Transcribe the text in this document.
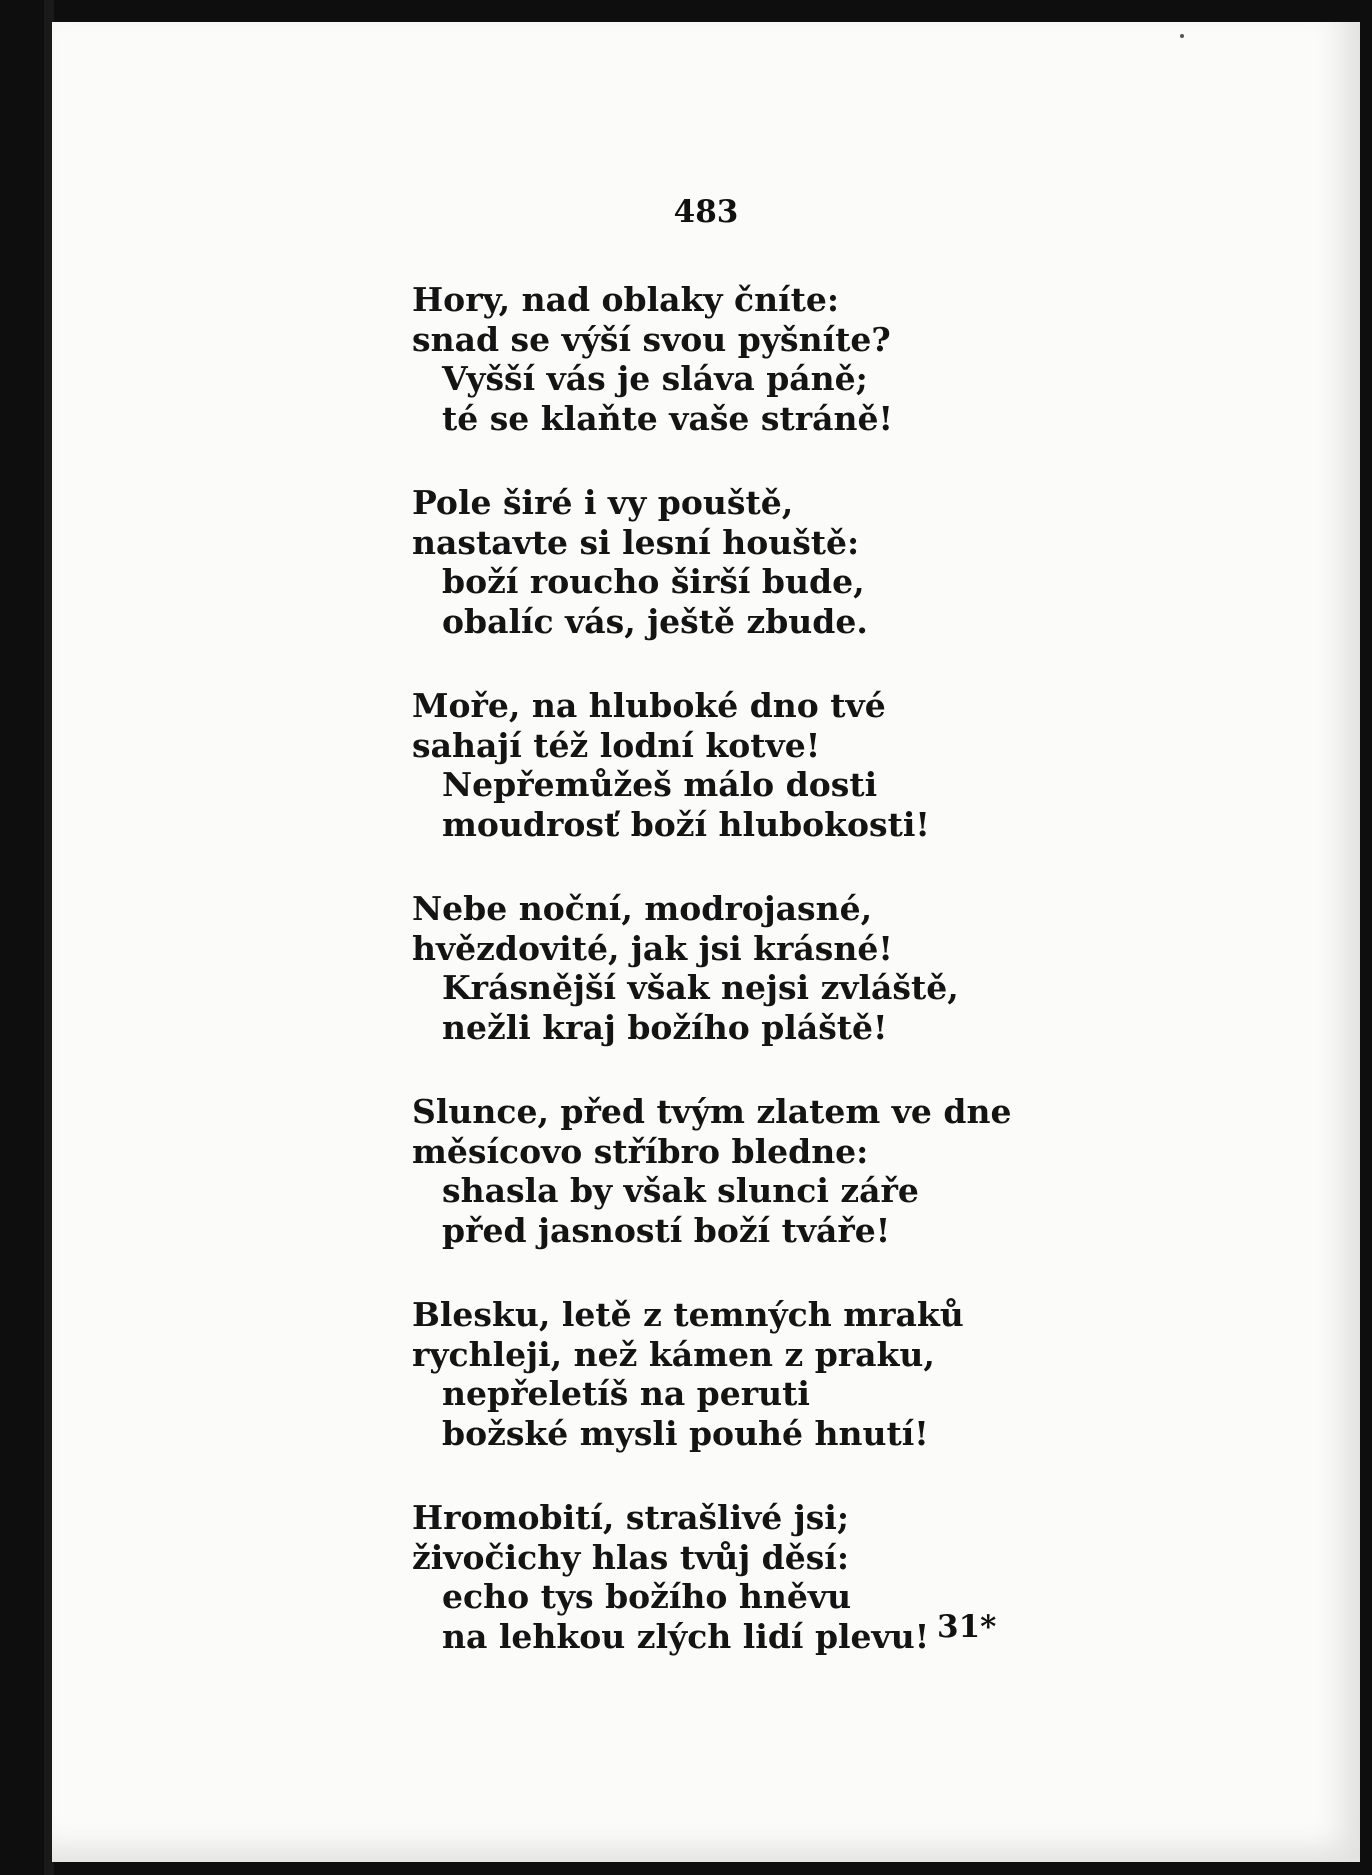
483
Hory, nad oblaky čníte:
snad se výší svou pyšníte?
Vyšší vás je sláva páně;
té se klaňte vaše stráně!
Pole širé i vy pouště,
nastavte si lesní houště:
boží roucho širší bude,
obalíc vás, ještě zbude.
Moře, na hluboké dno tvé
sahají též lodní kotve!
Nepřemůžeš málo dosti
moudrosť boží hlubokosti!
Nebe noční, modrojasné,
hvězdovité, jak jsi krásné!
Krásnější však nejsi zvláště,
nežli kraj božího pláště!
Slunce, před tvým zlatem ve dne
měsícovo stříbro bledne:
shasla by však slunci záře
před jasností boží tváře!
Blesku, letě z temných mraků
rychleji, než kámen z praku,
nepřeletíš na peruti
božské mysli pouhé hnutí!
Hromobití, strašlivé jsi;
živočichy hlas tvůj děsí:
echo tys božího hněvu
na lehkou zlých lidí plevu! 31*
